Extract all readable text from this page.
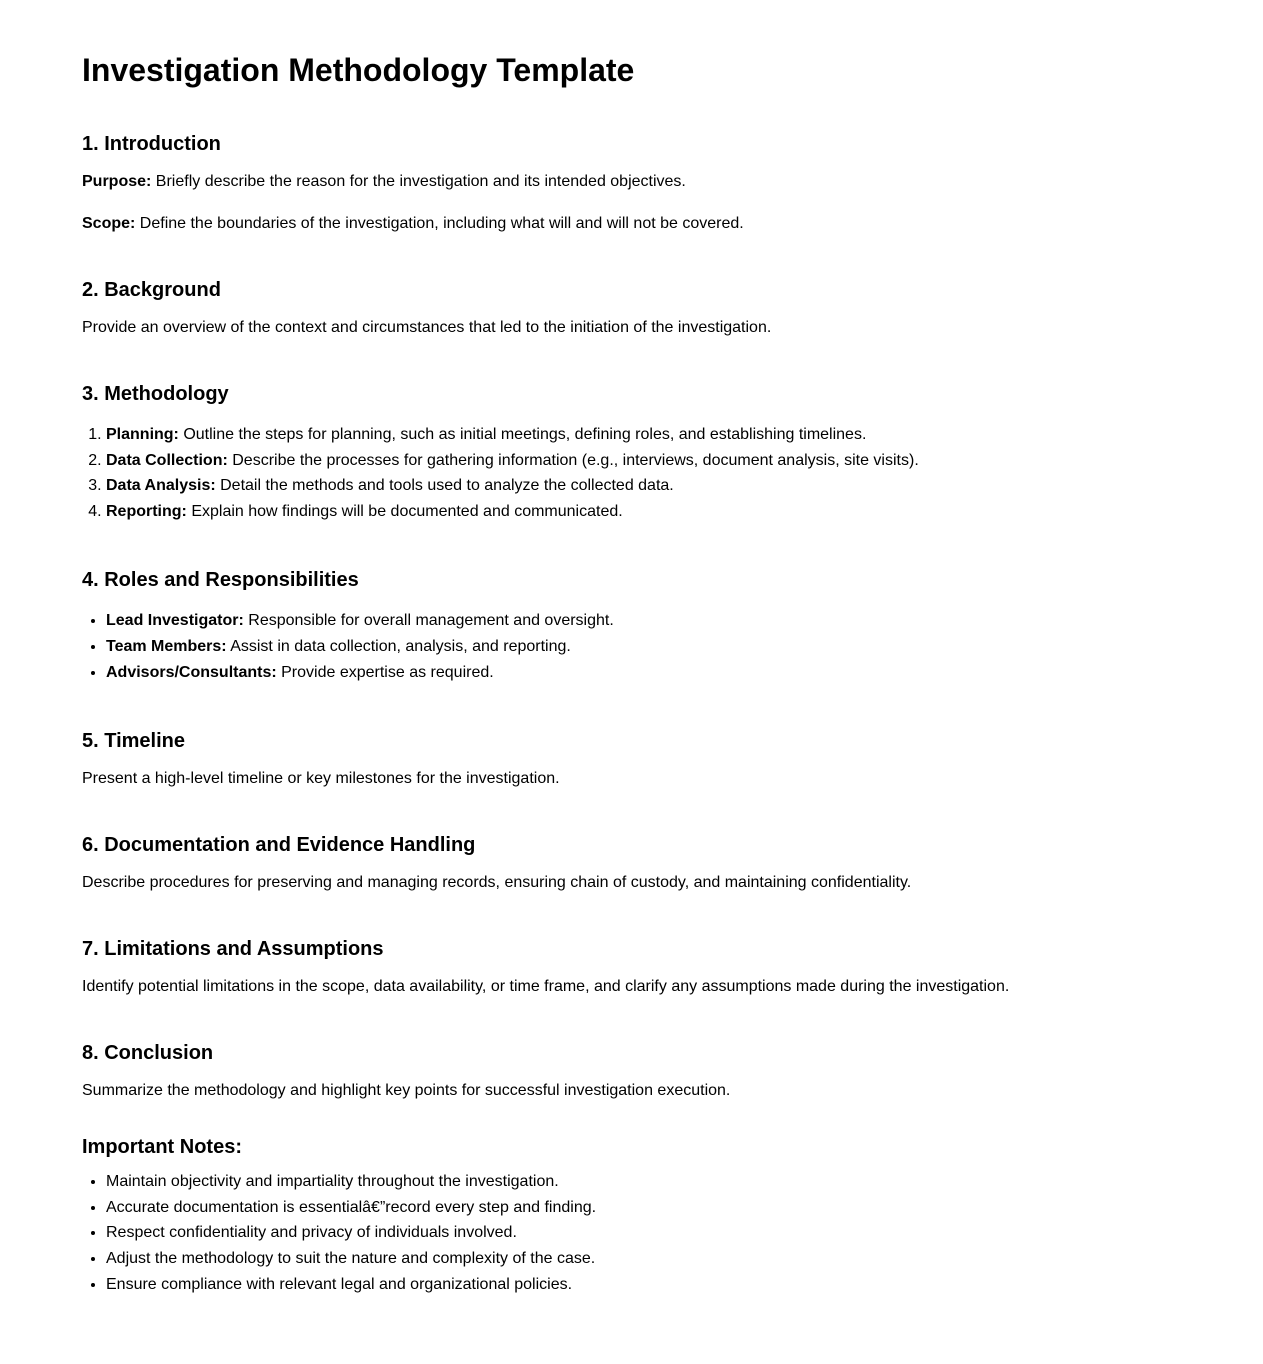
Investigation Methodology Template
1. Introduction

Purpose: Briefly describe the reason for the investigation and its intended objectives.

Scope: Define the boundaries of the investigation, including what will and will not be covered.

2. Background

Provide an overview of the context and circumstances that led to the initiation of the investigation.

3. Methodology
1. Planning: Outline the steps for planning, such as initial meetings, defining roles, and establishing timelines.
2. Data Collection: Describe the processes for gathering information (e.g., interviews, document analysis, site visits).
3. Data Analysis: Detail the methods and tools used to analyze the collected data.
4. Reporting: Explain how findings will be documented and communicated.
4. Roles and Responsibilities
• Lead Investigator: Responsible for overall management and oversight.
• Team Members: Assist in data collection, analysis, and reporting.
• Advisors/Consultants: Provide expertise as required.
5. Timeline

Present a high-level timeline or key milestones for the investigation.

6. Documentation and Evidence Handling

Describe procedures for preserving and managing records, ensuring chain of custody, and maintaining confidentiality.

7. Limitations and Assumptions

Identify potential limitations in the scope, data availability, or time frame, and clarify any assumptions made during the investigation.

8. Conclusion

Summarize the methodology and highlight key points for successful investigation execution.

Important Notes:
• Maintain objectivity and impartiality throughout the investigation.
• Accurate documentation is essentialâ€”record every step and finding.
• Respect confidentiality and privacy of individuals involved.
• Adjust the methodology to suit the nature and complexity of the case.
• Ensure compliance with relevant legal and organizational policies.
